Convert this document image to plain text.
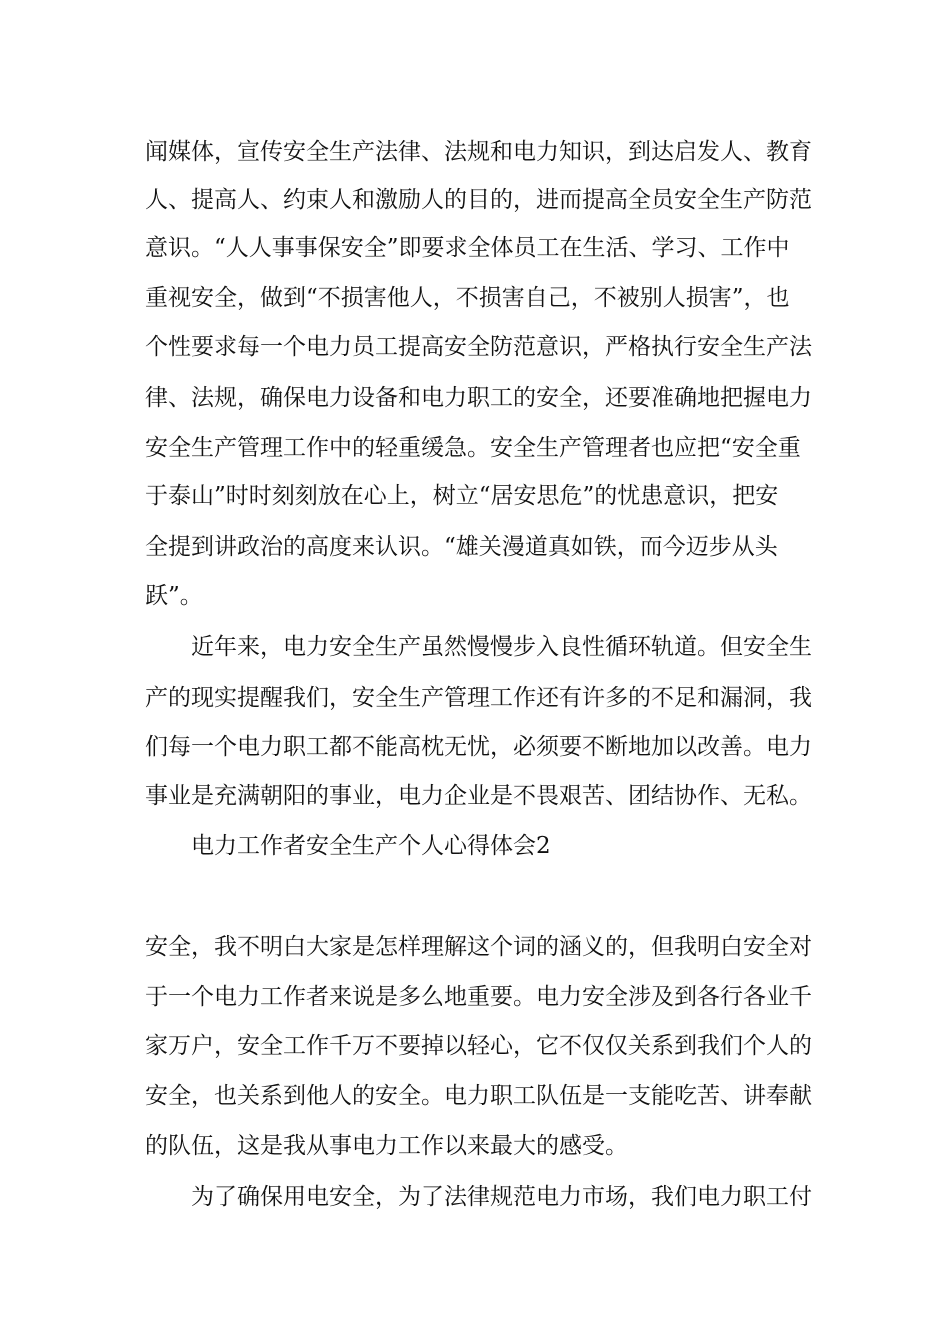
闻媒体，宣传安全生产法律、法规和电力知识，到达启发人、教育
人、提高人、约束人和激励人的目的，进而提高全员安全生产防范
意识。“人人事事保安全”即要求全体员工在生活、学习、工作中
重视安全，做到“不损害他人，不损害自己，不被别人损害”，也
个性要求每一个电力员工提高安全防范意识，严格执行安全生产法
律、法规，确保电力设备和电力职工的安全，还要准确地把握电力
安全生产管理工作中的轻重缓急。安全生产管理者也应把“安全重
于泰山”时时刻刻放在心上，树立“居安思危”的忧患意识，把安
全提到讲政治的高度来认识。“雄关漫道真如铁，而今迈步从头
跃”。
近年来，电力安全生产虽然慢慢步入良性循环轨道。但安全生
产的现实提醒我们，安全生产管理工作还有许多的不足和漏洞，我
们每一个电力职工都不能高枕无忧，必须要不断地加以改善。电力
事业是充满朝阳的事业，电力企业是不畏艰苦、团结协作、无私。
电力工作者安全生产个人心得体会2
安全，我不明白大家是怎样理解这个词的涵义的，但我明白安全对
于一个电力工作者来说是多么地重要。电力安全涉及到各行各业千
家万户，安全工作千万不要掉以轻心，它不仅仅关系到我们个人的
安全，也关系到他人的安全。电力职工队伍是一支能吃苦、讲奉献
的队伍，这是我从事电力工作以来最大的感受。
为了确保用电安全，为了法律规范电力市场，我们电力职工付
